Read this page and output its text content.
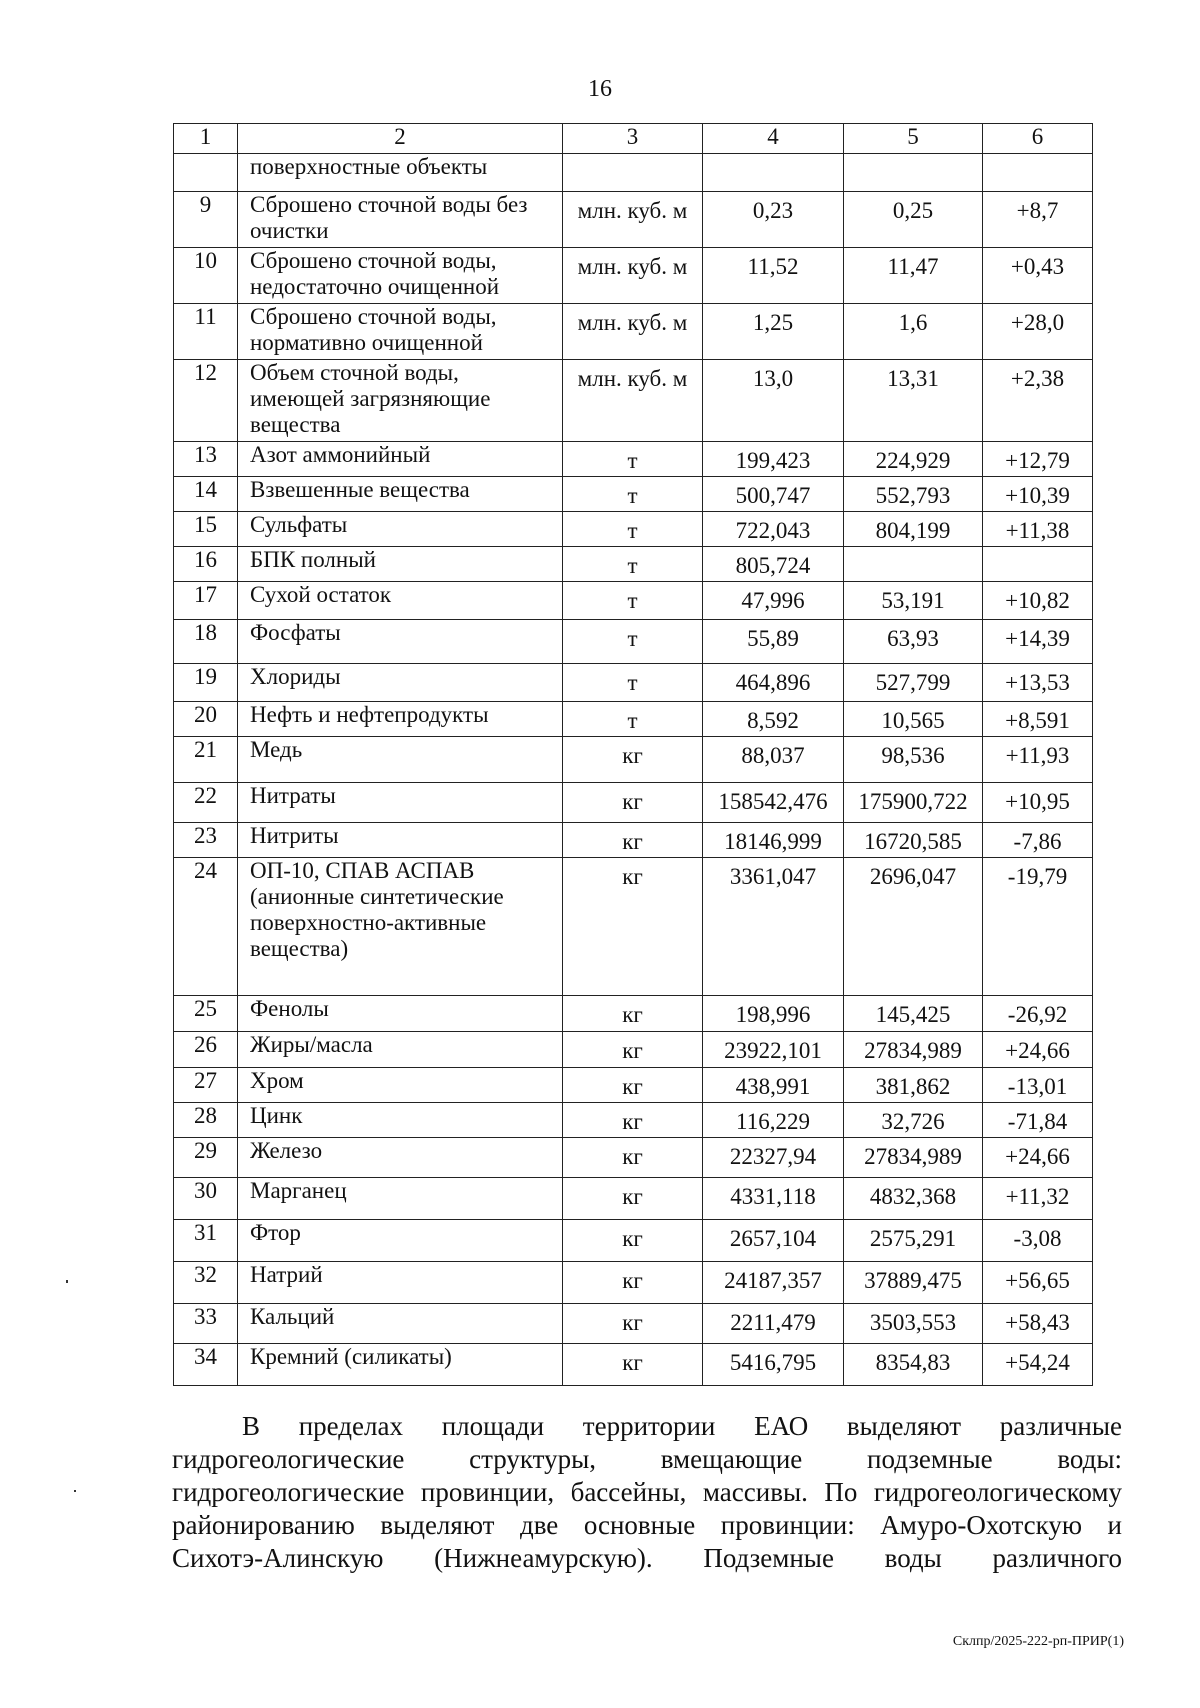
16
1	2	3	4	5	6
	поверхностные объекты				
9	Сброшено сточной воды без очистки	млн. куб. м	0,23	0,25	+8,7
10	Сброшено сточной воды, недостаточно очищенной	млн. куб. м	11,52	11,47	+0,43
11	Сброшено сточной воды, нормативно очищенной	млн. куб. м	1,25	1,6	+28,0
12	Объем сточной воды, имеющей загрязняющие вещества	млн. куб. м	13,0	13,31	+2,38
13	Азот аммонийный	т	199,423	224,929	+12,79
14	Взвешенные вещества	т	500,747	552,793	+10,39
15	Сульфаты	т	722,043	804,199	+11,38
16	БПК полный	т	805,724		
17	Сухой остаток	т	47,996	53,191	+10,82
18	Фосфаты	т	55,89	63,93	+14,39
19	Хлориды	т	464,896	527,799	+13,53
20	Нефть и нефтепродукты	т	8,592	10,565	+8,591
21	Медь	кг	88,037	98,536	+11,93
22	Нитраты	кг	158542,476	175900,722	+10,95
23	Нитриты	кг	18146,999	16720,585	-7,86
24	ОП-10, СПАВ АСПАВ (анионные синтетические поверхностно-активные вещества)	кг	3361,047	2696,047	-19,79
25	Фенолы	кг	198,996	145,425	-26,92
26	Жиры/масла	кг	23922,101	27834,989	+24,66
27	Хром	кг	438,991	381,862	-13,01
28	Цинк	кг	116,229	32,726	-71,84
29	Железо	кг	22327,94	27834,989	+24,66
30	Марганец	кг	4331,118	4832,368	+11,32
31	Фтор	кг	2657,104	2575,291	-3,08
32	Натрий	кг	24187,357	37889,475	+56,65
33	Кальций	кг	2211,479	3503,553	+58,43
34	Кремний (силикаты)	кг	5416,795	8354,83	+54,24
В пределах площади территории ЕАО выделяют различные
гидрогеологические структуры, вмещающие подземные воды:
гидрогеологические провинции, бассейны, массивы. По гидрогеологическому
районированию выделяют две основные провинции: Амуро-Охотскую и
Сихотэ-Алинскую (Нижнеамурскую). Подземные воды различного
Склпр/2025-222-рп-ПРИР(1)
